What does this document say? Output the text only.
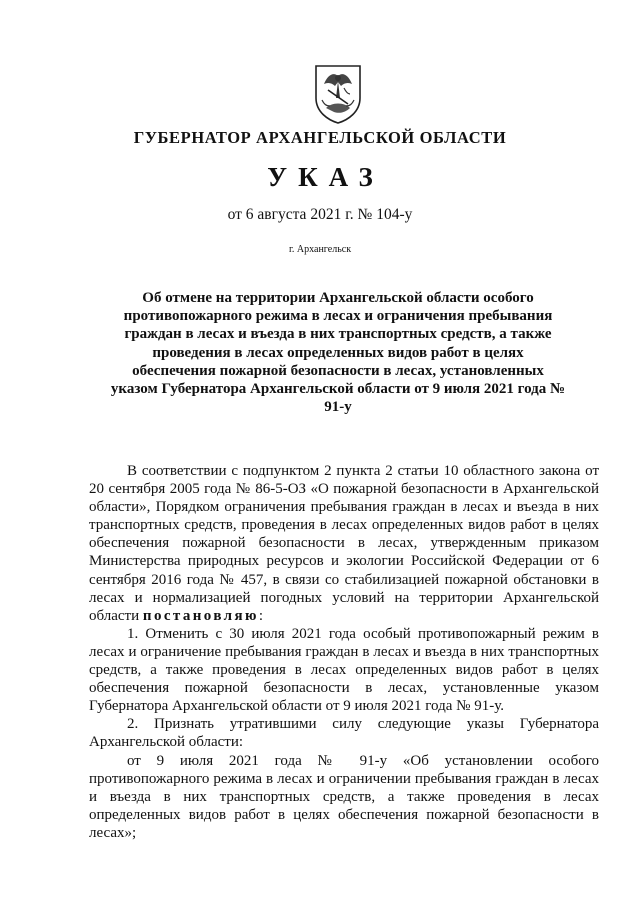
ГУБЕРНАТОР АРХАНГЕЛЬСКОЙ ОБЛАСТИ
УКАЗ

от 6 августа 2021 г. № 104-у

г. Архангельск

Об отмене на территории Архангельской области особого противопожарного режима в лесах и ограничения пребывания граждан в лесах и въезда в них транспортных средств, а также проведения в лесах определенных видов работ в целях обеспечения пожарной безопасности в лесах, установленных указом Губернатора Архангельской области от 9 июля 2021 года № 91-у

В соответствии с подпунктом 2 пункта 2 статьи 10 областного закона от 20 сентября 2005 года № 86-5-ОЗ «О пожарной безопасности в Архангельской области», Порядком ограничения пребывания граждан в лесах и въезда в них транспортных средств, проведения в лесах определенных видов работ в целях обеспечения пожарной безопасности в лесах, утвержденным приказом Министерства природных ресурсов и экологии Российской Федерации от 6 сентября 2016 года № 457, в связи со стабилизацией пожарной обстановки в лесах и нормализацией погодных условий на территории Архангельской области постановляю:

1. Отменить с 30 июля 2021 года особый противопожарный режим в лесах и ограничение пребывания граждан в лесах и въезда в них транспортных средств, а также проведения в лесах определенных видов работ в целях обеспечения пожарной безопасности в лесах, установленные указом Губернатора Архангельской области от 9 июля 2021 года № 91-у.

2. Признать утратившими силу следующие указы Губернатора Архангельской области:

от 9 июля 2021 года № 91-у «Об установлении особого противопожарного режима в лесах и ограничении пребывания граждан в лесах и въезда в них транспортных средств, а также проведения в лесах определенных видов работ в целях обеспечения пожарной безопасности в лесах»;
